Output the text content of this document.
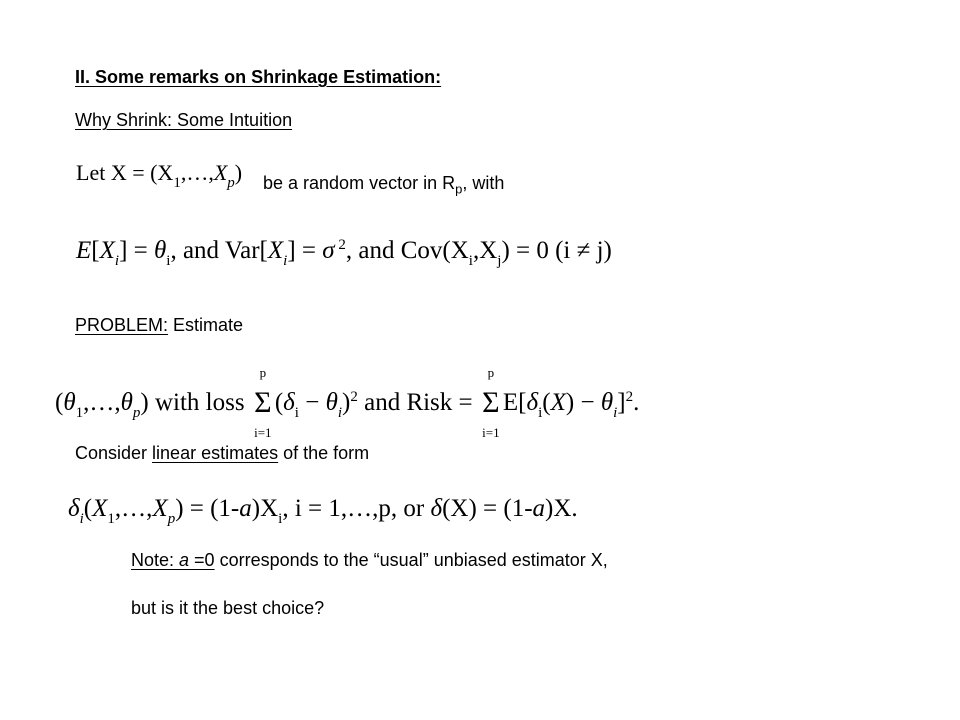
II. Some remarks on Shrinkage Estimation:
Why Shrink: Some Intuition
Let $X = (X_1,\dots,X_p)$ be a random vector in $R_p$, with
$E[X_i] = \theta_i$, and $Var[X_i] = \sigma$ $^2$, and $Cov(X_i,X_j) = 0$ (i ≠ j)
PROBLEM: Estimate
$(\theta_1,\dots,\theta_p)$ with loss
p
Σ
i=1
$(\delta_i - \theta_i)^2$ and Risk =
p
Σ
i=1
$E[\delta_i(X) - \theta_i]^2$.
Consider linear estimates of the form
$\delta_i(X_1,\dots,X_p) = (1-a)X_i$, i = 1,…,p, or δ(X) = (1-a)X.
Note: a =0 corresponds to the “usual” unbiased estimator X,
but is it the best choice?
